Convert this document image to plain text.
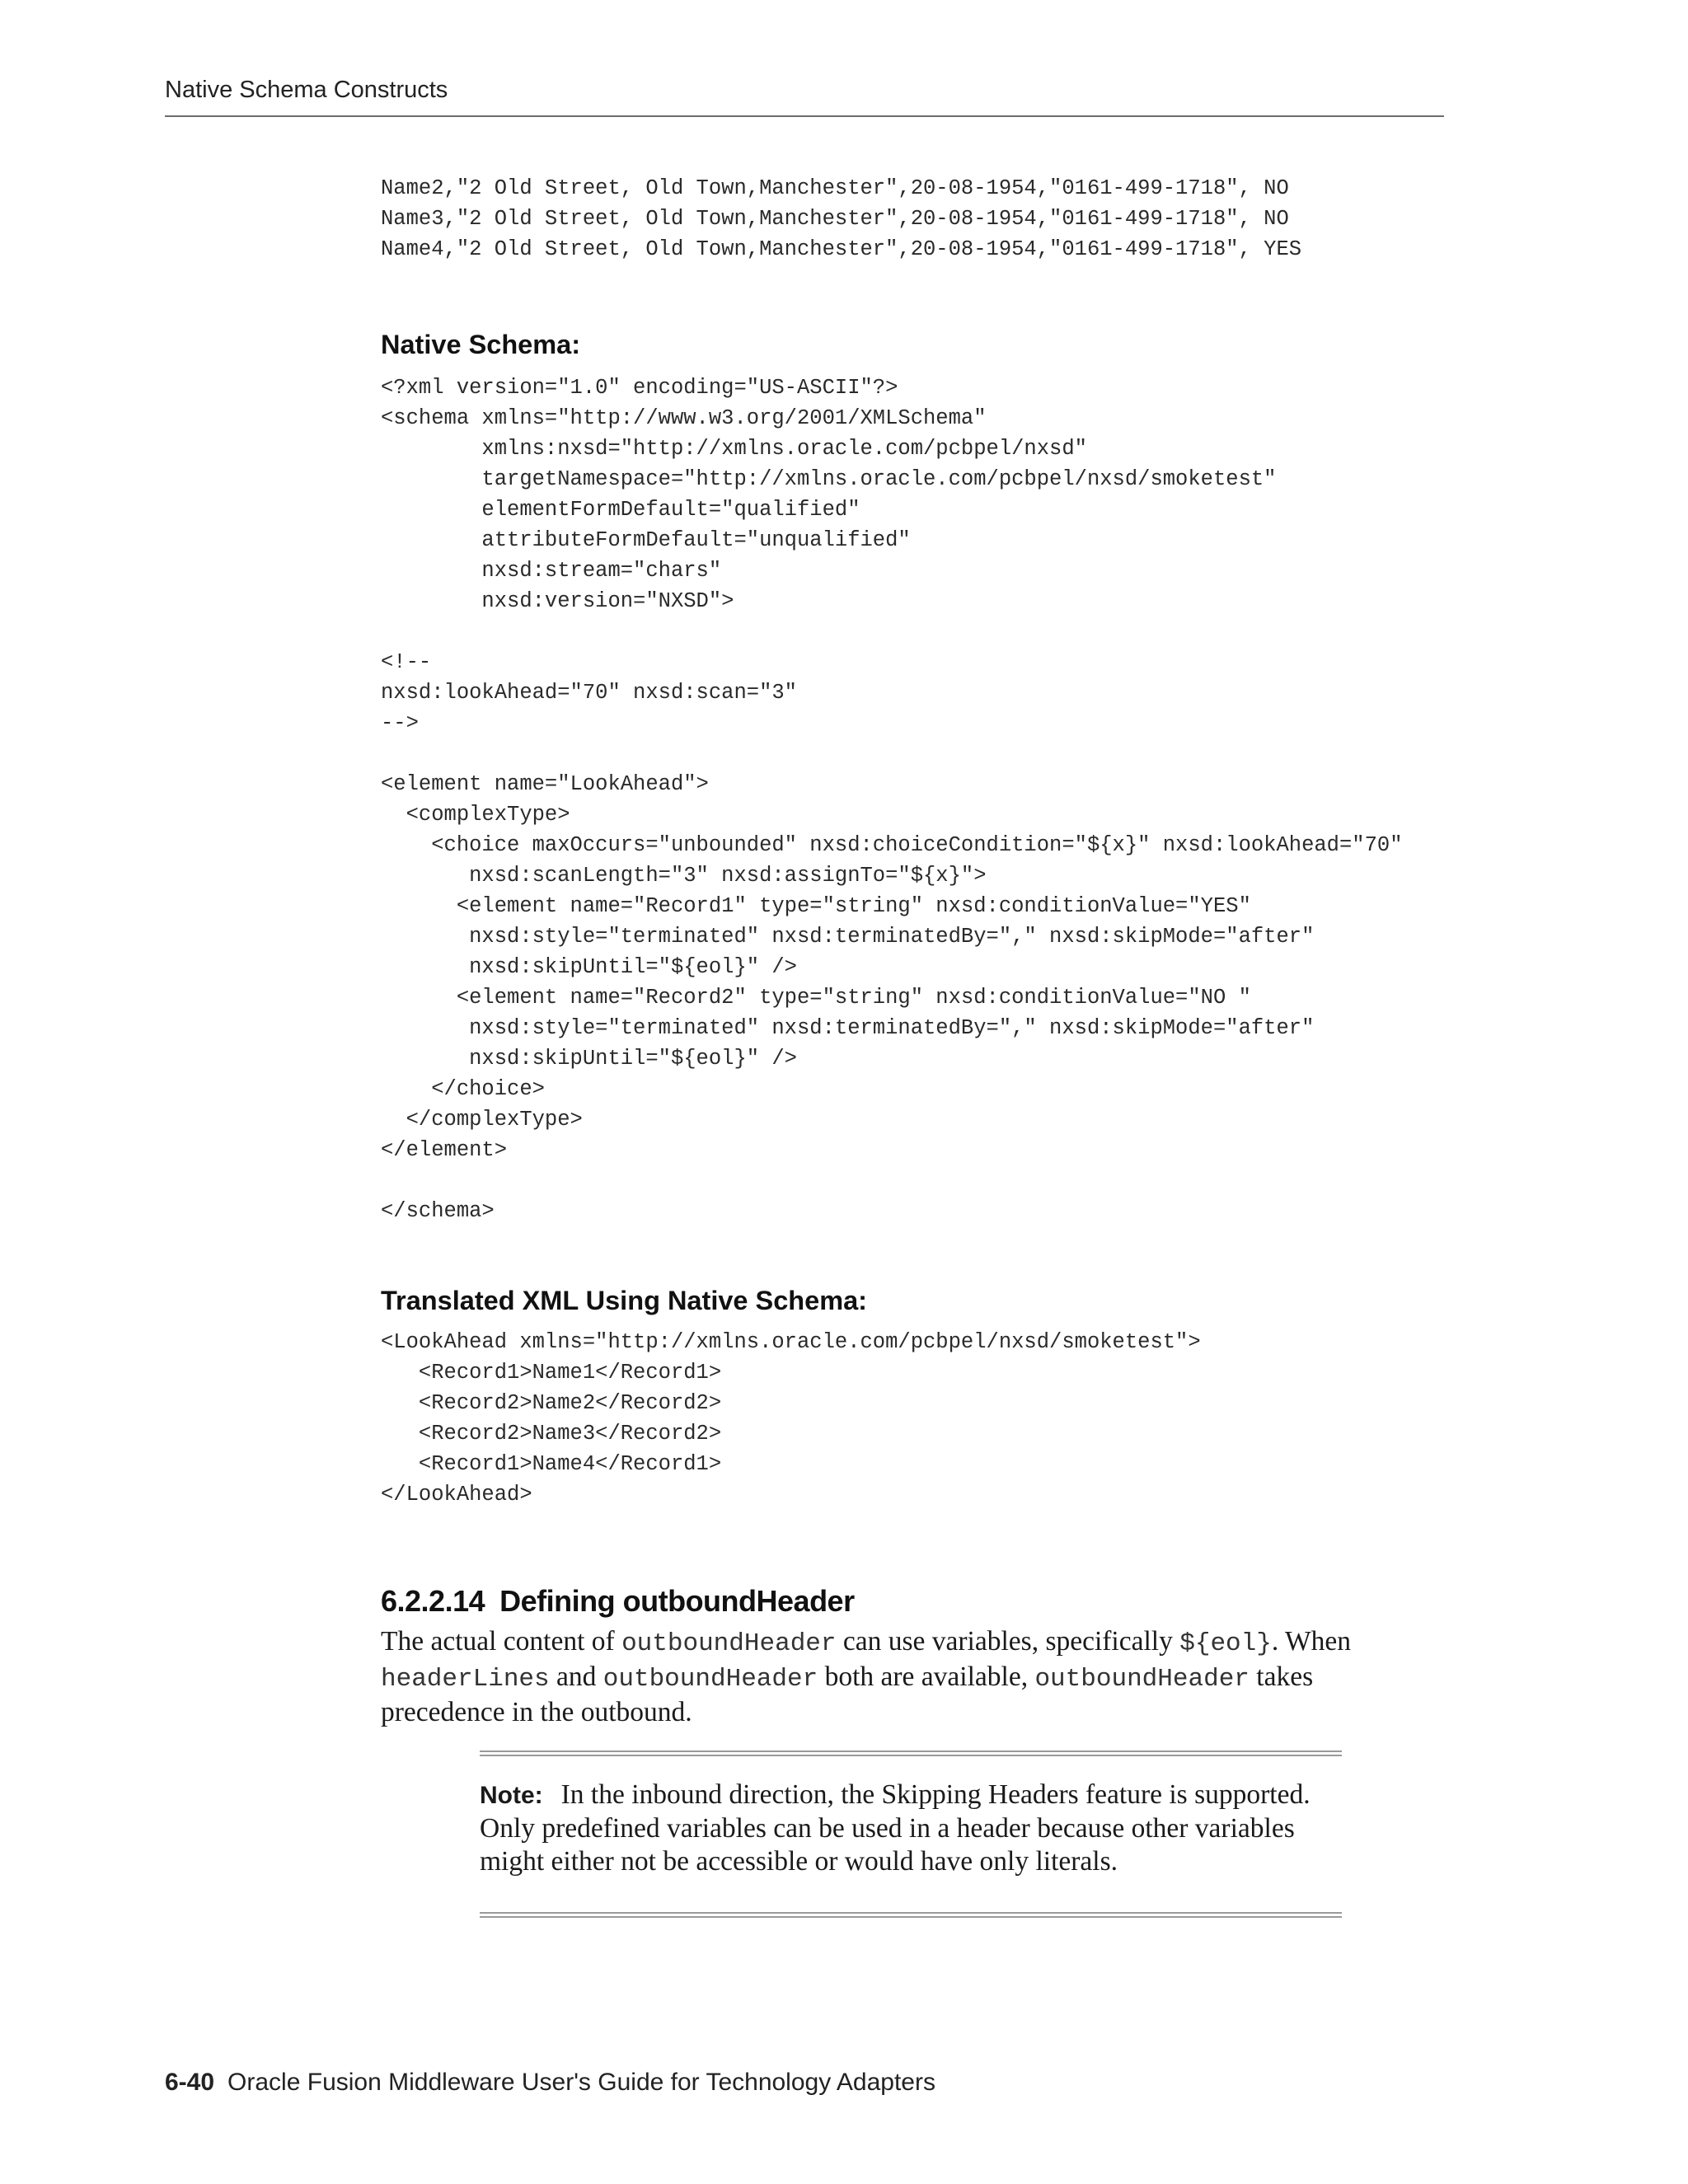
Native Schema Constructs
Name2,"2 Old Street, Old Town,Manchester",20-08-1954,"0161-499-1718", NO
Name3,"2 Old Street, Old Town,Manchester",20-08-1954,"0161-499-1718", NO
Name4,"2 Old Street, Old Town,Manchester",20-08-1954,"0161-499-1718", YES
Native Schema:
<?xml version="1.0" encoding="US-ASCII"?>
<schema xmlns="http://www.w3.org/2001/XMLSchema"
xmlns:nxsd="http://xmlns.oracle.com/pcbpel/nxsd"
targetNamespace="http://xmlns.oracle.com/pcbpel/nxsd/smoketest"
elementFormDefault="qualified"
attributeFormDefault="unqualified"
nxsd:stream="chars"
nxsd:version="NXSD">

<!--
nxsd:lookAhead="70" nxsd:scan="3"
-->

<element name="LookAhead">
<complexType>
<choice maxOccurs="unbounded" nxsd:choiceCondition="${x}" nxsd:lookAhead="70"
nxsd:scanLength="3" nxsd:assignTo="${x}">
<element name="Record1" type="string" nxsd:conditionValue="YES"
nxsd:style="terminated" nxsd:terminatedBy="," nxsd:skipMode="after"
nxsd:skipUntil="${eol}" />
<element name="Record2" type="string" nxsd:conditionValue="NO "
nxsd:style="terminated" nxsd:terminatedBy="," nxsd:skipMode="after"
nxsd:skipUntil="${eol}" />
</choice>
</complexType>
</element>

</schema>
Translated XML Using Native Schema:
<LookAhead xmlns="http://xmlns.oracle.com/pcbpel/nxsd/smoketest">
<Record1>Name1</Record1>
<Record2>Name2</Record2>
<Record2>Name3</Record2>
<Record1>Name4</Record1>
</LookAhead>
6.2.2.14 Defining outboundHeader

The actual content of outboundHeader can use variables, specifically ${eol}. When headerLines and outboundHeader both are available, outboundHeader takes precedence in the outbound.

Note: In the inbound direction, the Skipping Headers feature is supported. Only predefined variables can be used in a header because other variables might either not be accessible or would have only literals.

6-40 Oracle Fusion Middleware User's Guide for Technology Adapters
